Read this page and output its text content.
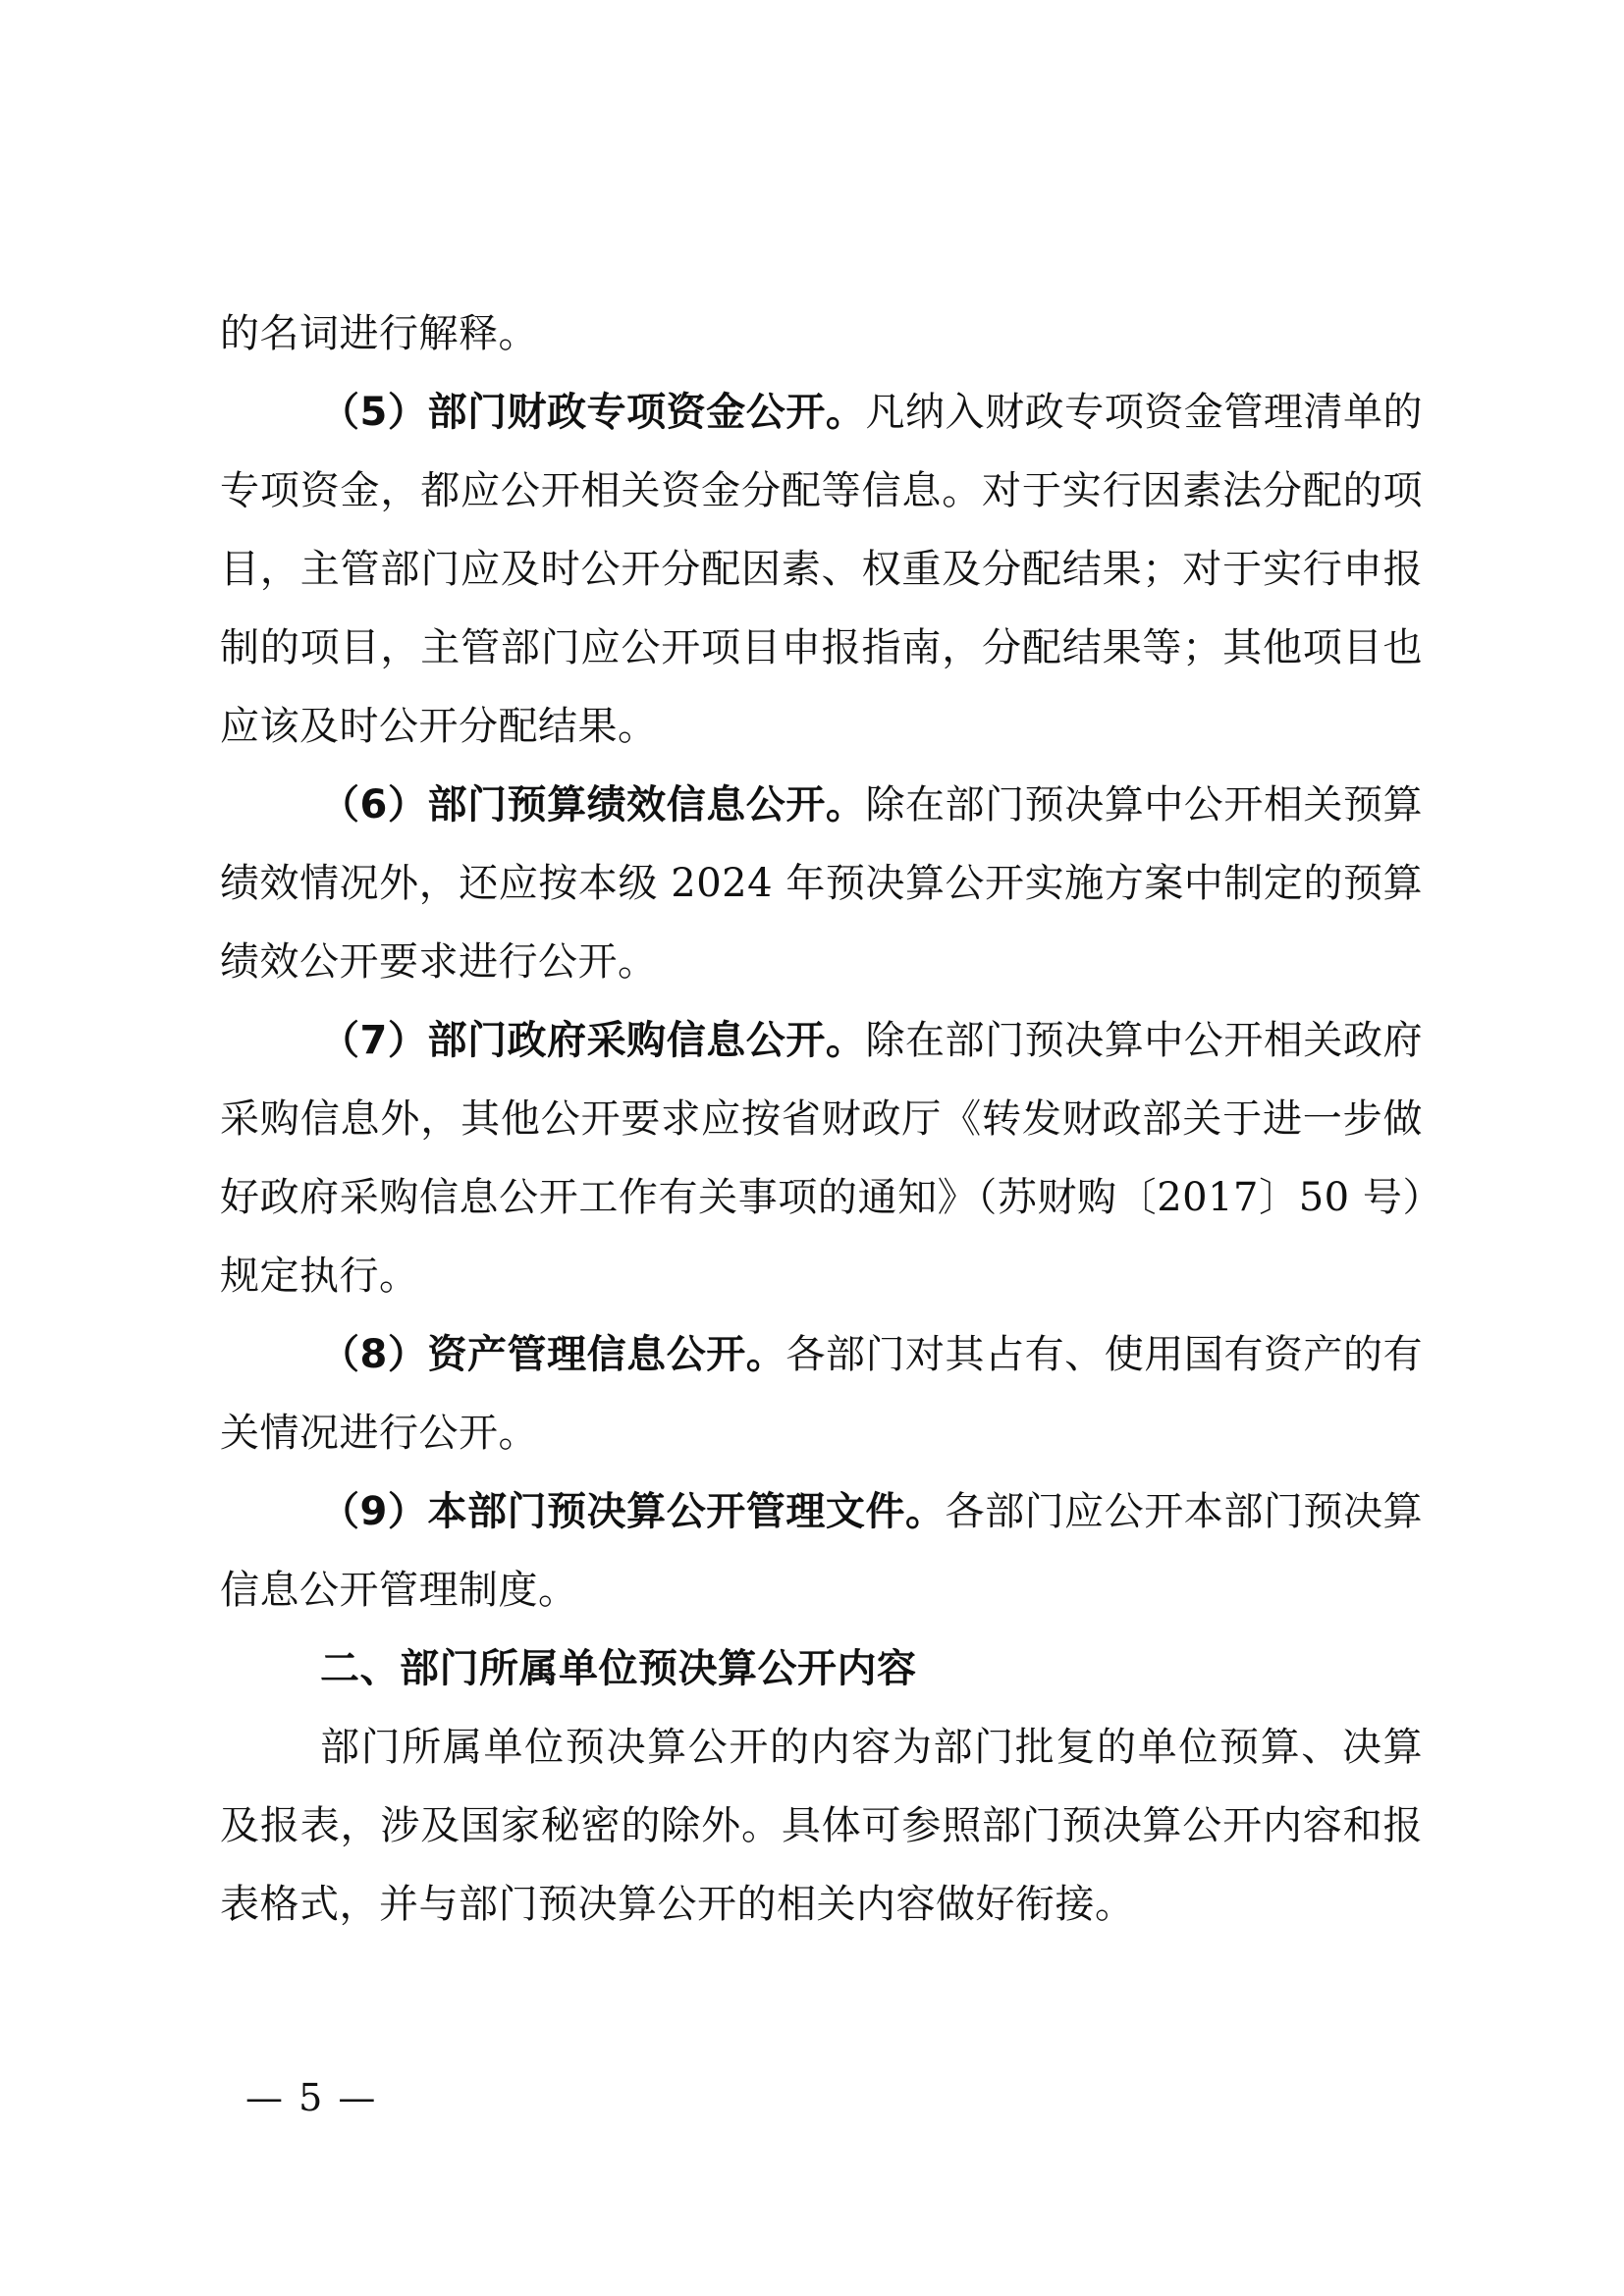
的名词进行解释。

（5）部门财政专项资金公开。凡纳入财政专项资金管理清单的专项资金，都应公开相关资金分配等信息。对于实行因素法分配的项目，主管部门应及时公开分配因素、权重及分配结果；对于实行申报制的项目，主管部门应公开项目申报指南，分配结果等；其他项目也应该及时公开分配结果。

（6）部门预算绩效信息公开。除在部门预决算中公开相关预算绩效情况外，还应按本级 2024 年预决算公开实施方案中制定的预算绩效公开要求进行公开。

（7）部门政府采购信息公开。除在部门预决算中公开相关政府采购信息外，其他公开要求应按省财政厅《转发财政部关于进一步做好政府采购信息公开工作有关事项的通知》（苏财购〔2017〕50 号）规定执行。

（8）资产管理信息公开。各部门对其占有、使用国有资产的有关情况进行公开。

（9）本部门预决算公开管理文件。各部门应公开本部门预决算信息公开管理制度。

二、部门所属单位预决算公开内容

部门所属单位预决算公开的内容为部门批复的单位预算、决算及报表，涉及国家秘密的除外。具体可参照部门预决算公开内容和报表格式，并与部门预决算公开的相关内容做好衔接。

— 5 —
